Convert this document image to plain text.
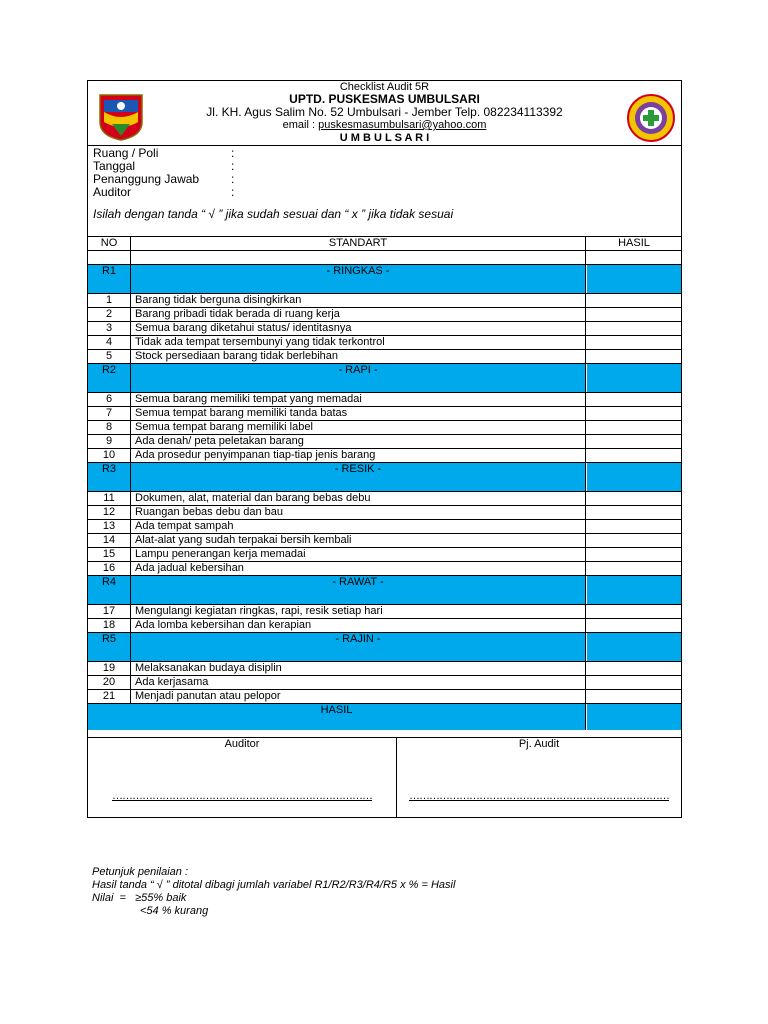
Checklist Audit 5R
UPTD. PUSKESMAS UMBULSARI
Jl. KH. Agus Salim No. 52 Umbulsari - Jember Telp. 082234113392
email : puskesmasumbulsari@yahoo.com
U M B U L S A R I
Ruang / Poli	:
Tanggal	:
Penanggung Jawab	:
Auditor	:
Isilah dengan tanda “ √ ” jika sudah sesuai dan “ x ” jika tidak sesuai
NO	STANDART	HASIL
R1	- RINGKAS -
1	Barang tidak berguna disingkirkan
2	Barang pribadi tidak berada di ruang kerja
3	Semua barang diketahui status/ identitasnya
4	Tidak ada tempat tersembunyi yang tidak terkontrol
5	Stock persediaan barang tidak berlebihan
R2	- RAPI -
6	Semua barang memiliki tempat yang memadai
7	Semua tempat barang memiliki tanda batas
8	Semua tempat barang memiliki label
9	Ada denah/ peta peletakan barang
10	Ada prosedur penyimpanan tiap-tiap jenis barang
R3	- RESIK -
11	Dokumen, alat, material dan barang bebas debu
12	Ruangan bebas debu dan bau
13	Ada tempat sampah
14	Alat-alat yang sudah terpakai bersih kembali
15	Lampu penerangan kerja memadai
16	Ada jadual kebersihan
R4	- RAWAT -
17	Mengulangi kegiatan ringkas, rapi, resik setiap hari
18	Ada lomba kebersihan dan kerapian
R5	- RAJIN -
19	Melaksanakan budaya disiplin
20	Ada kerjasama
21	Menjadi panutan atau pelopor
HASIL
Auditor
……………………………………………………………………
Pj. Audit
……………………………………………………………………
Petunjuk penilaian :
Hasil tanda “ √ ” ditotal dibagi jumlah variabel R1/R2/R3/R4/R5 x % = Hasil
Nilai  =   ≥55% baik
<54 % kurang
